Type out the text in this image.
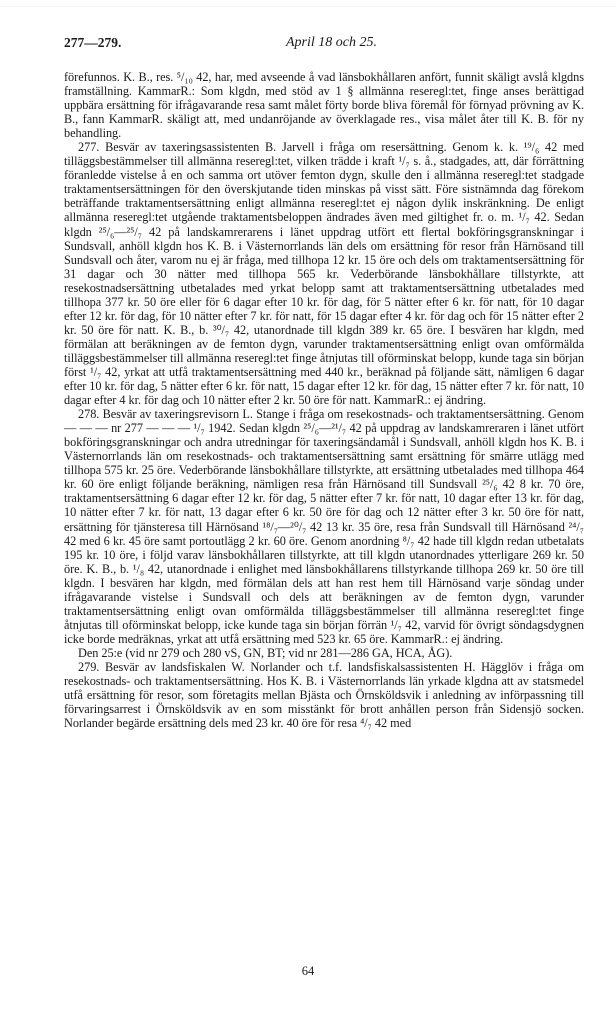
277—279.	April 18 och 25.

förefunnos. K. B., res. ⁵/₁₀ 42, har, med avseende å vad länsbokhållaren anfört, funnit skäligt avslå klgdns framställning. KammarR.: Som klgdn, med stöd av 1 § allmänna reseregl:tet, finge anses berättigad uppbära ersättning för ifrågavarande resa samt målet förty borde bliva föremål för förnyad prövning av K. B., fann KammarR. skäligt att, med undanröjande av överklagade res., visa målet åter till K. B. för ny behandling.

277. Besvär av taxeringsassistenten B. Jarvell i fråga om resersättning. Genom k. k. ¹⁹/₆ 42 med tilläggsbestämmelser till allmänna reseregl:tet, vilken trädde i kraft ¹/₇ s. å., stadgades, att, där förrättning föranledde vistelse å en och samma ort utöver femton dygn, skulle den i allmänna reseregl:tet stadgade traktamentsersättningen för den överskjutande tiden minskas på visst sätt. Före sistnämnda dag förekom beträffande traktamentsersättning enligt allmänna reseregl:tet ej någon dylik inskränkning. De enligt allmänna reseregl:tet utgående traktamentsbeloppen ändrades även med giltighet fr. o. m. ¹/₇ 42. Sedan klgdn ²⁵/₆—²⁵/₇ 42 på landskamrerarens i länet uppdrag utfört ett flertal bokföringsgranskningar i Sundsvall, anhöll klgdn hos K. B. i Västernorrlands län dels om ersättning för resor från Härnösand till Sundsvall och åter, varom nu ej är fråga, med tillhopa 12 kr. 15 öre och dels om traktamentsersättning för 31 dagar och 30 nätter med tillhopa 565 kr. Vederbörande länsbokhållare tillstyrkte, att resekostnadsersättning utbetalades med yrkat belopp samt att traktamentsersättning utbetalades med tillhopa 377 kr. 50 öre eller för 6 dagar efter 10 kr. för dag, för 5 nätter efter 6 kr. för natt, för 10 dagar efter 12 kr. för dag, för 10 nätter efter 7 kr. för natt, för 15 dagar efter 4 kr. för dag och för 15 nätter efter 2 kr. 50 öre för natt. K. B., b. ³⁰/₇ 42, utanordnade till klgdn 389 kr. 65 öre. I besvären har klgdn, med förmälan att beräkningen av de femton dygn, varunder traktamentsersättning enligt ovan omförmälda tilläggsbestämmelser till allmänna reseregl:tet finge åtnjutas till oförminskat belopp, kunde taga sin början först ¹/₇ 42, yrkat att utfå traktamentsersättning med 440 kr., beräknad på följande sätt, nämligen 6 dagar efter 10 kr. för dag, 5 nätter efter 6 kr. för natt, 15 dagar efter 12 kr. för dag, 15 nätter efter 7 kr. för natt, 10 dagar efter 4 kr. för dag och 10 nätter efter 2 kr. 50 öre för natt. KammarR.: ej ändring.

278. Besvär av taxeringsrevisorn L. Stange i fråga om resekostnads- och traktamentsersättning. Genom — — — nr 277 — — — ¹/₇ 1942. Sedan klgdn ²⁵/₆—²¹/₇ 42 på uppdrag av landskamreraren i länet utfört bokföringsgranskningar och andra utredningar för taxeringsändamål i Sundsvall, anhöll klgdn hos K. B. i Västernorrlands län om resekostnads- och traktamentsersättning samt ersättning för smärre utlägg med tillhopa 575 kr. 25 öre. Vederbörande länsbokhållare tillstyrkte, att ersättning utbetalades med tillhopa 464 kr. 60 öre enligt följande beräkning, nämligen resa från Härnösand till Sundsvall ²⁵/₆ 42 8 kr. 70 öre, traktamentsersättning 6 dagar efter 12 kr. för dag, 5 nätter efter 7 kr. för natt, 10 dagar efter 13 kr. för dag, 10 nätter efter 7 kr. för natt, 13 dagar efter 6 kr. 50 öre för dag och 12 nätter efter 3 kr. 50 öre för natt, ersättning för tjänsteresa till Härnösand ¹⁸/₇—²⁰/₇ 42 13 kr. 35 öre, resa från Sundsvall till Härnösand ²⁴/₇ 42 med 6 kr. 45 öre samt portoutlägg 2 kr. 60 öre. Genom anordning ⁸/₇ 42 hade till klgdn redan utbetalats 195 kr. 10 öre, i följd varav länsbokhållaren tillstyrkte, att till klgdn utanordnades ytterligare 269 kr. 50 öre. K. B., b. ¹/₈ 42, utanordnade i enlighet med länsbokhållarens tillstyrkande tillhopa 269 kr. 50 öre till klgdn. I besvären har klgdn, med förmälan dels att han rest hem till Härnösand varje söndag under ifrågavarande vistelse i Sundsvall och dels att beräkningen av de femton dygn, varunder traktamentsersättning enligt ovan omförmälda tilläggsbestämmelser till allmänna reseregl:tet finge åtnjutas till oförminskat belopp, icke kunde taga sin början förrän ¹/₇ 42, varvid för övrigt söndagsdygnen icke borde medräknas, yrkat att utfå ersättning med 523 kr. 65 öre. KammarR.: ej ändring.

Den 25:e (vid nr 279 och 280 vS, GN, BT; vid nr 281—286 GA, HCA, ÅG).

279. Besvär av landsfiskalen W. Norlander och t.f. landsfiskalsassistenten H. Hägglöv i fråga om resekostnads- och traktamentsersättning. Hos K. B. i Västernorrlands län yrkade klgdna att av statsmedel utfå ersättning för resor, som företagits mellan Bjästa och Örnsköldsvik i anledning av införpassning till förvaringsarrest i Örnsköldsvik av en som misstänkt för brott anhållen person från Sidensjö socken. Norlander begärde ersättning dels med 23 kr. 40 öre för resa ⁴/₇ 42 med

64
